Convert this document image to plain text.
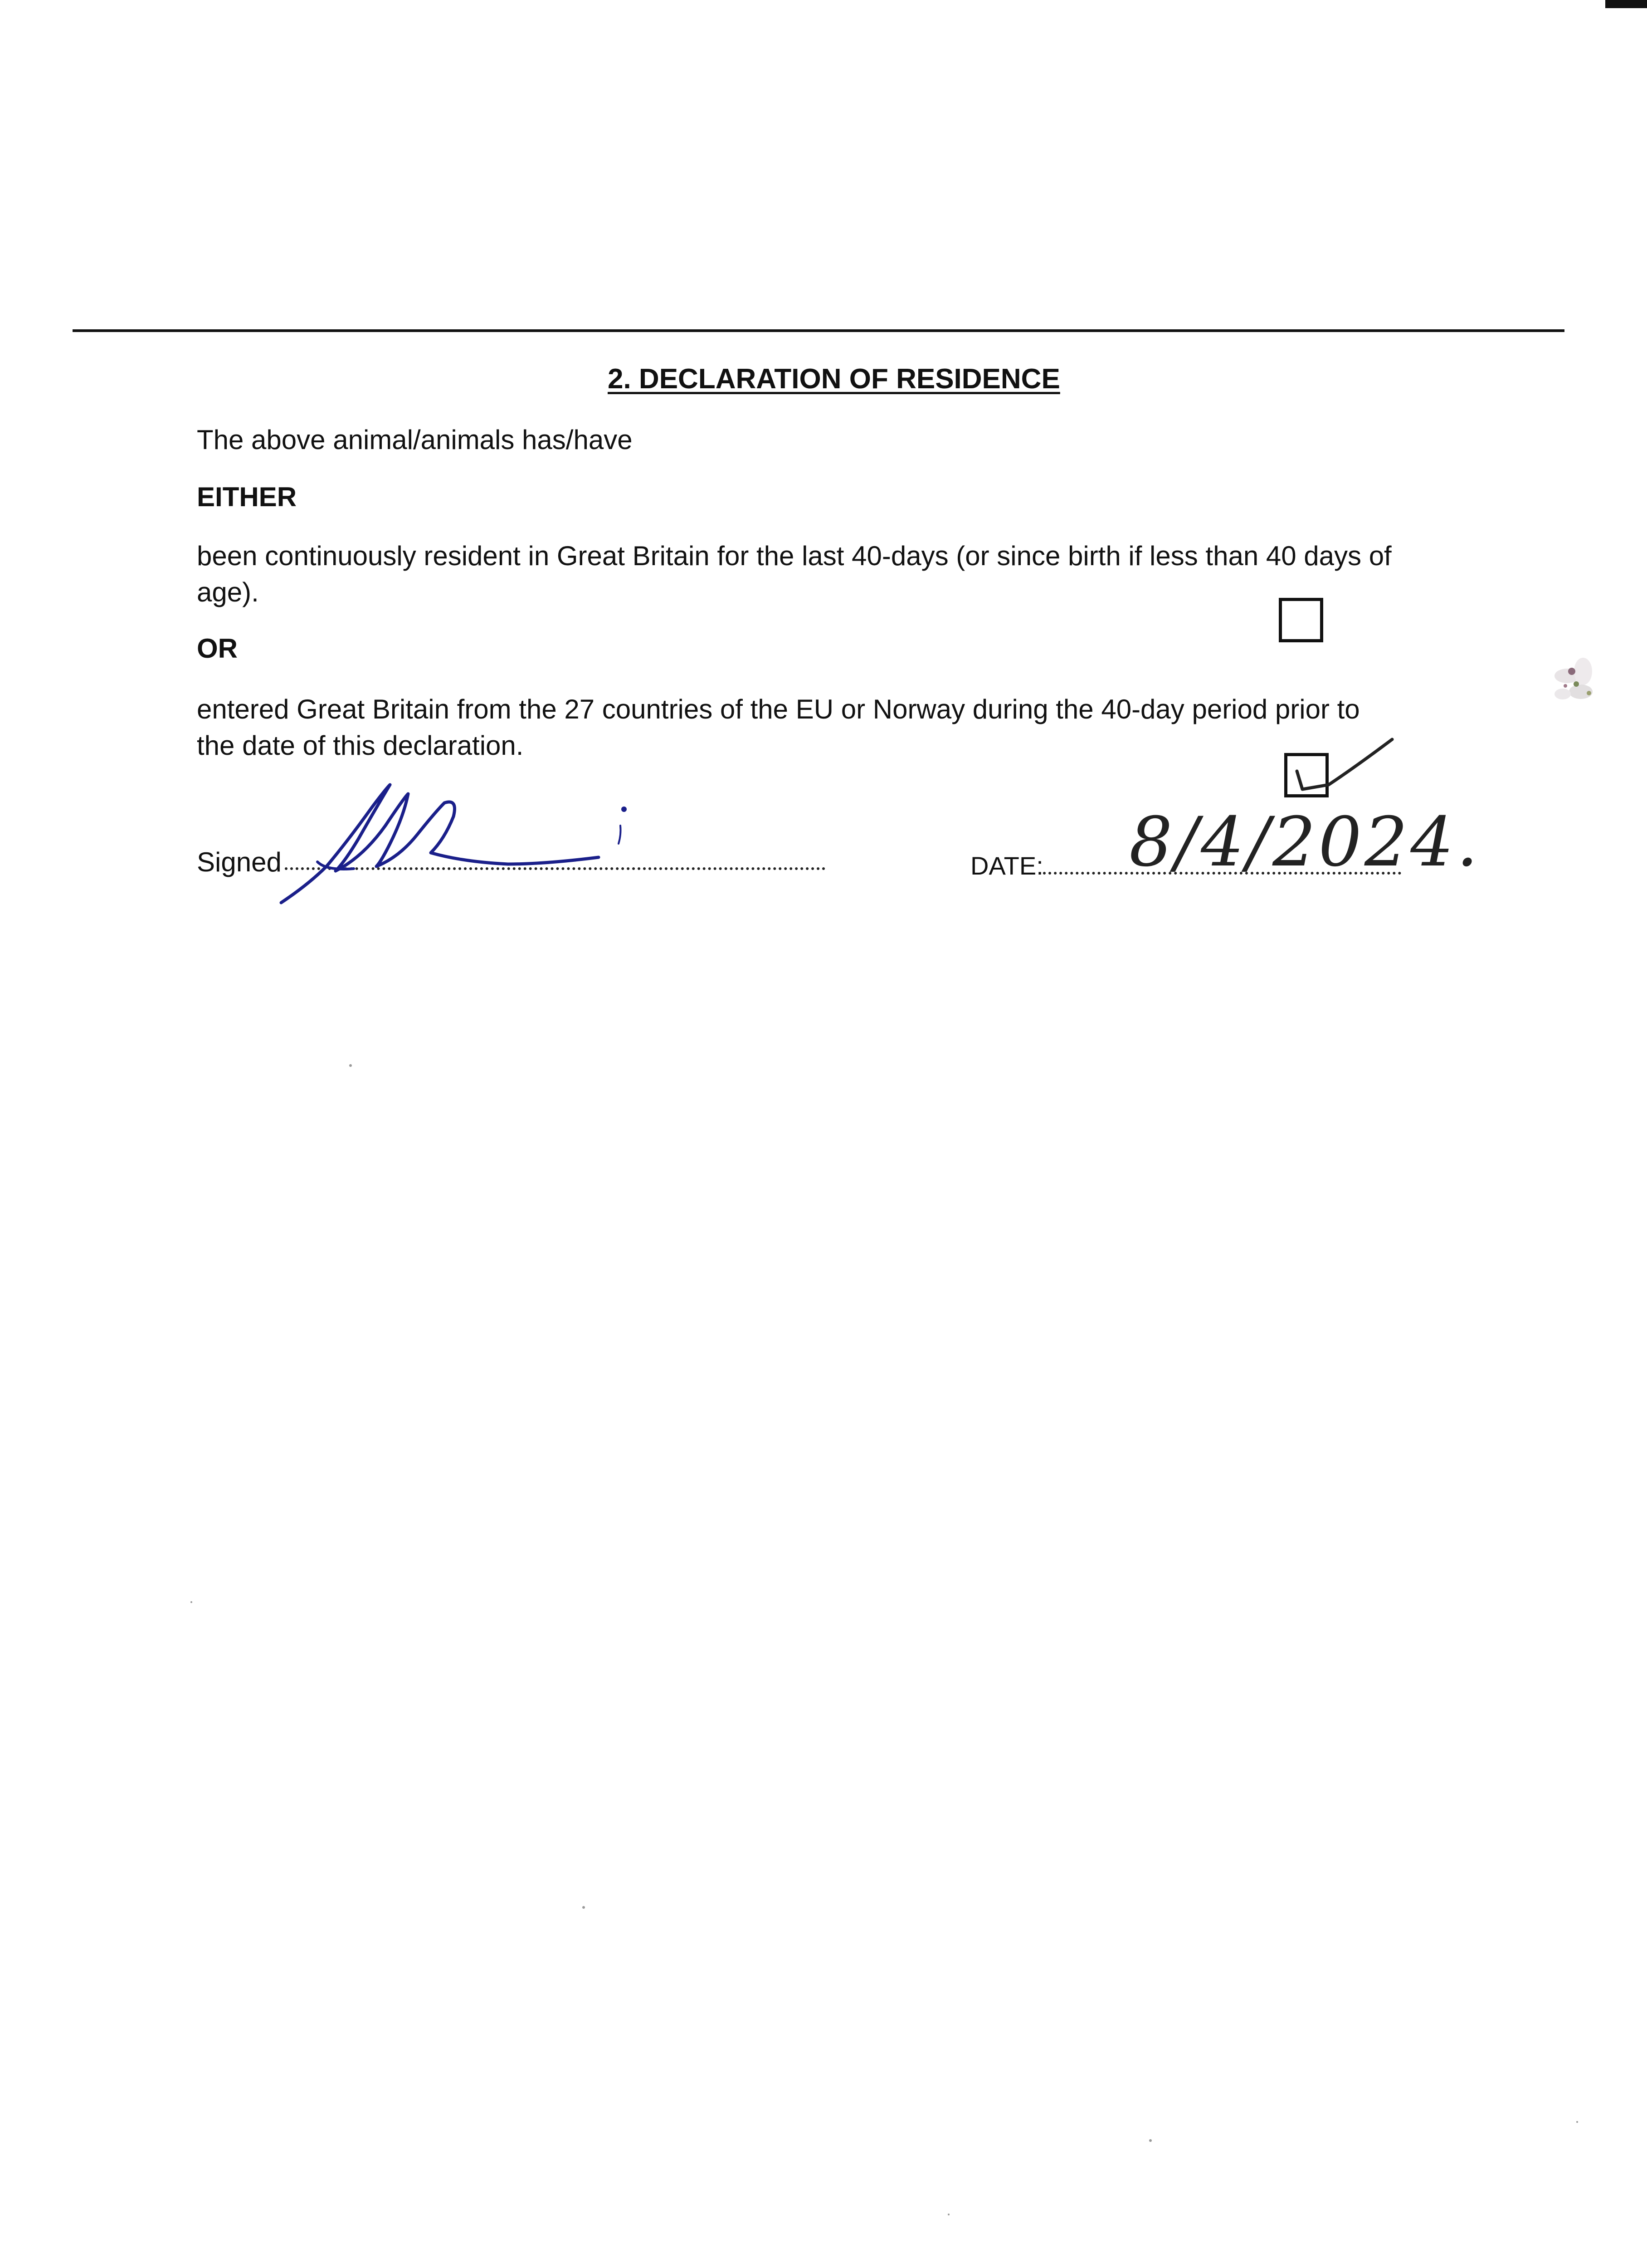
2. DECLARATION OF RESIDENCE
The above animal/animals has/have
EITHER
been continuously resident in Great Britain for the last 40-days (or since birth if less than 40 days of
age).
OR
entered Great Britain from the 27 countries of the EU or Norway during the 40-day period prior to
the date of this declaration.
Signed	DATE: 8/4/2024.
